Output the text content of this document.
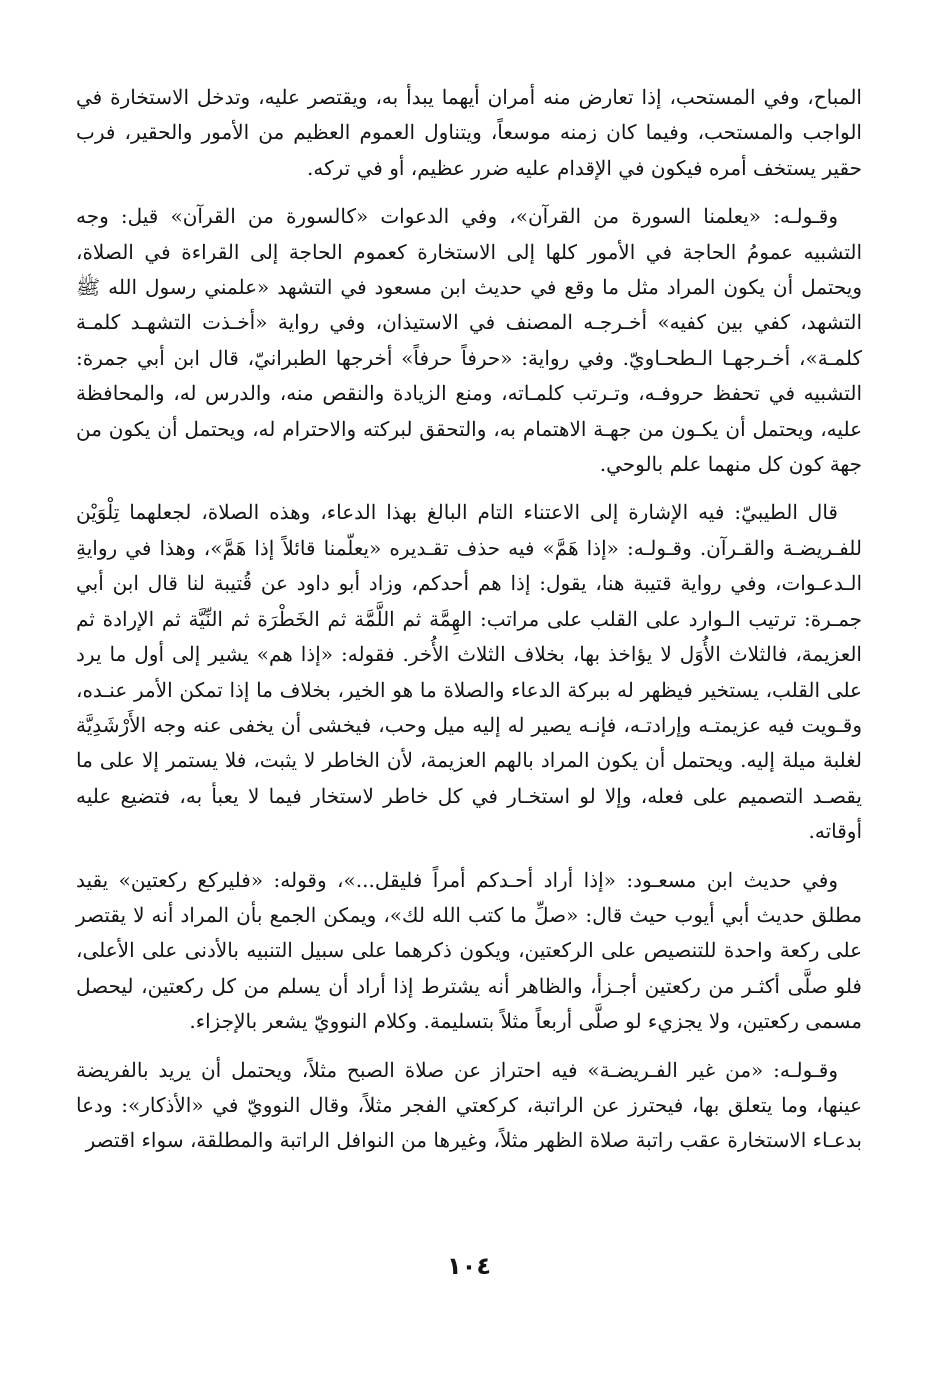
المباح، وفي المستحب، إذا تعارض منه أمران أيهما يبدأ به، ويقتصر عليه، وتدخل الاستخارة في الواجب والمستحب، وفيما كان زمنه موسعاً، ويتناول العموم العظيم من الأمور والحقير، فرب حقير يستخف أمره فيكون في الإقدام عليه ضرر عظيم، أو في تركه.

وقـولـه: «يعلمنا السورة من القرآن»، وفي الدعوات «كالسورة من القرآن» قيل: وجه التشبيه عمومُ الحاجة في الأمور كلها إلى الاستخارة كعموم الحاجة إلى القراءة في الصلاة، ويحتمل أن يكون المراد مثل ما وقع في حديث ابن مسعود في التشهد «علمني رسول الله ﷺ التشهد، كفي بين كفيه» أخـرجـه المصنف في الاستيذان، وفي رواية «أخـذت التشهـد كلمـة كلمـة»، أخـرجهـا الـطحـاويّ. وفي رواية: «حرفاً حرفاً» أخرجها الطبرانيّ، قال ابن أبي جمرة: التشبيه في تحفظ حروفـه، وتـرتب كلمـاته، ومنع الزيادة والنقص منه، والدرس له، والمحافظة عليه، ويحتمل أن يكـون من جهـة الاهتمام به، والتحقق لبركته والاحترام له، ويحتمل أن يكون من جهة كون كل منهما علم بالوحي.

قال الطيبيّ: فيه الإشارة إلى الاعتناء التام البالغ بهذا الدعاء، وهذه الصلاة، لجعلهما تِلْوَيْن للفـريضـة والقـرآن. وقـولـه: «إذا هَمَّ» فيه حذف تقـديره «يعلّمنا قائلاً إذا هَمَّ»، وهذا في روايةِ الـدعـوات، وفي رواية قتيبة هنا، يقول: إذا هم أحدكم، وزاد أبو داود عن قُتيبة لنا قال ابن أبي جمـرة: ترتيب الـوارد على القلب على مراتب: الهِمَّة ثم اللَّمَّة ثم الخَطْرَة ثم النِّيَّة ثم الإرادة ثم العزيمة، فالثلاث الأُوَل لا يؤاخذ بها، بخلاف الثلاث الأُخر. فقوله: «إذا هم» يشير إلى أول ما يرد على القلب، يستخير فيظهر له ببركة الدعاء والصلاة ما هو الخير، بخلاف ما إذا تمكن الأمر عنـده، وقـويت فيه عزيمتـه وإرادتـه، فإنـه يصير له إليه ميل وحب، فيخشى أن يخفى عنه وجه الأَرْشَدِيَّة لغلبة ميلة إليه. ويحتمل أن يكون المراد بالهم العزيمة، لأن الخاطر لا يثبت، فلا يستمر إلا على ما يقصـد التصميم على فعله، وإلا لو استخـار في كل خاطر لاستخار فيما لا يعبأ به، فتضيع عليه أوقاته.

وفي حديث ابن مسعـود: «إذا أراد أحـدكم أمراً فليقل...»، وقوله: «فليركع ركعتين» يقيد مطلق حديث أبي أيوب حيث قال: «صلِّ ما كتب الله لك»، ويمكن الجمع بأن المراد أنه لا يقتصر على ركعة واحدة للتنصيص على الركعتين، ويكون ذكرهما على سبيل التنبيه بالأدنى على الأعلى، فلو صلَّى أكثـر من ركعتين أجـزأ، والظاهر أنه يشترط إذا أراد أن يسلم من كل ركعتين، ليحصل مسمى ركعتين، ولا يجزيء لو صلَّى أربعاً مثلاً بتسليمة. وكلام النوويّ يشعر بالإجزاء.

وقـولـه: «من غير الفـريضـة» فيه احتراز عن صلاة الصبح مثلاً، ويحتمل أن يريد بالفريضة عينها، وما يتعلق بها، فيحترز عن الراتبة، كركعتي الفجر مثلاً، وقال النوويّ في «الأذكار»: ودعا بدعـاء الاستخارة عقب راتبة صلاة الظهر مثلاً، وغيرها من النوافل الراتبة والمطلقة، سواء اقتصر

١٠٤
